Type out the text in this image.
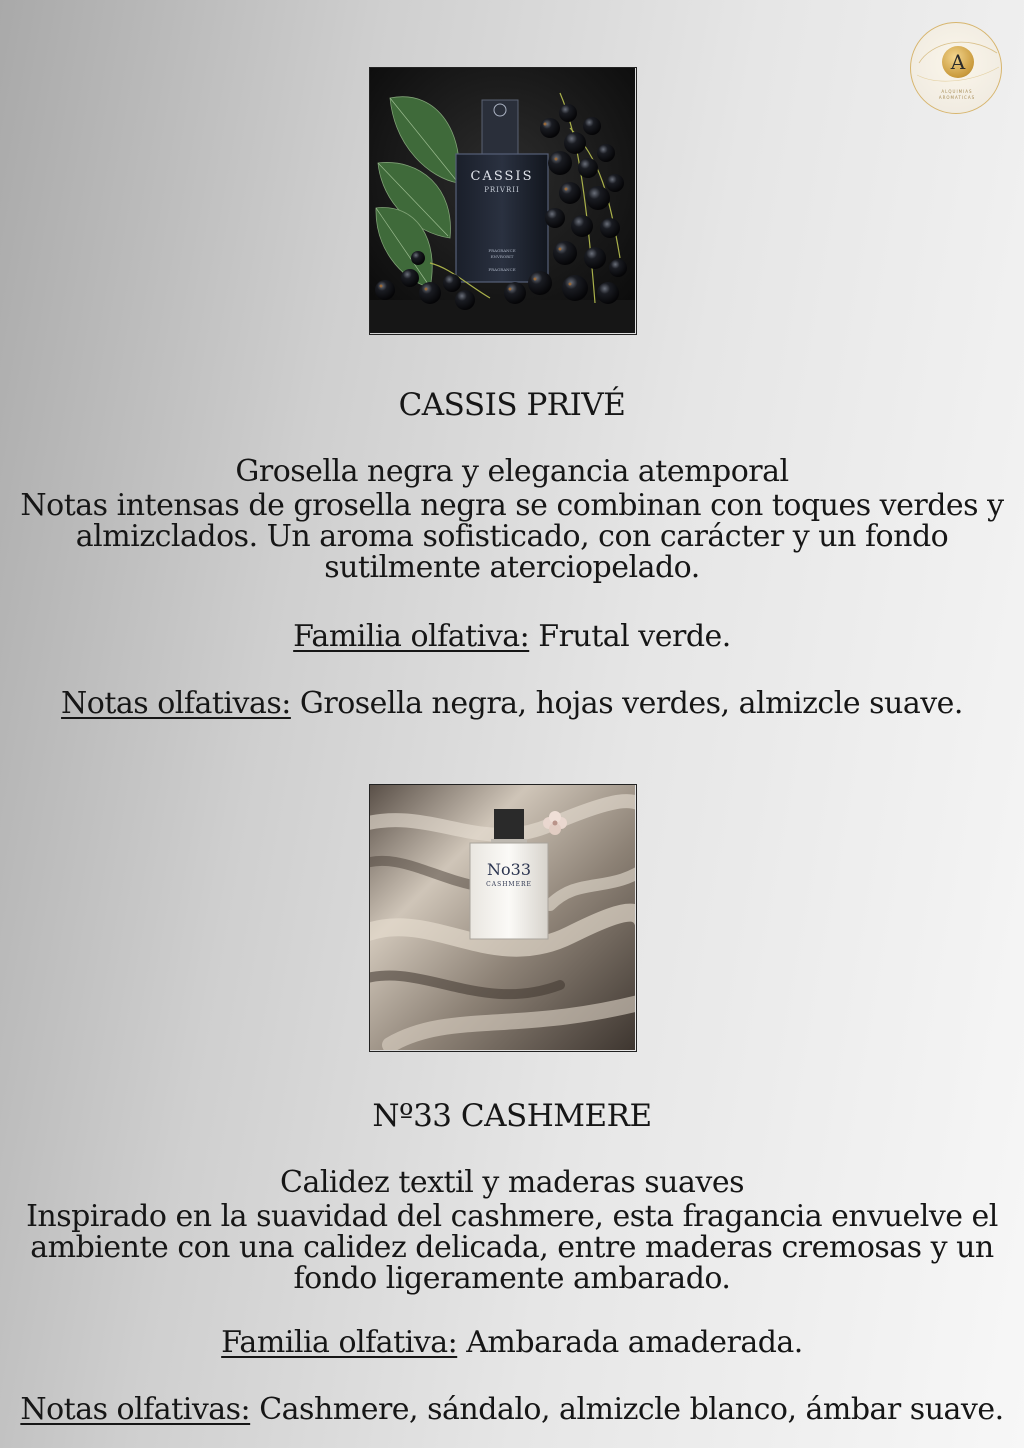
A
ALQUIMIAS
AROMATICAS
CASSIS
PRIVRII
FRAGRANCE
ENVRORIT
FRAGRANCE
CASSIS PRIVÉ

Grosella negra y elegancia atemporal

Notas intensas de grosella negra se combinan con toques verdes y almizclados. Un aroma sofisticado, con carácter y un fondo sutilmente aterciopelado.

Familia olfativa: Frutal verde.

Notas olfativas: Grosella negra, hojas verdes, almizcle suave.

No33
CASHMERE
Nº33 CASHMERE

Calidez textil y maderas suaves

Inspirado en la suavidad del cashmere, esta fragancia envuelve el ambiente con una calidez delicada, entre maderas cremosas y un fondo ligeramente ambarado.

Familia olfativa: Ambarada amaderada.

Notas olfativas: Cashmere, sándalo, almizcle blanco, ámbar suave.
